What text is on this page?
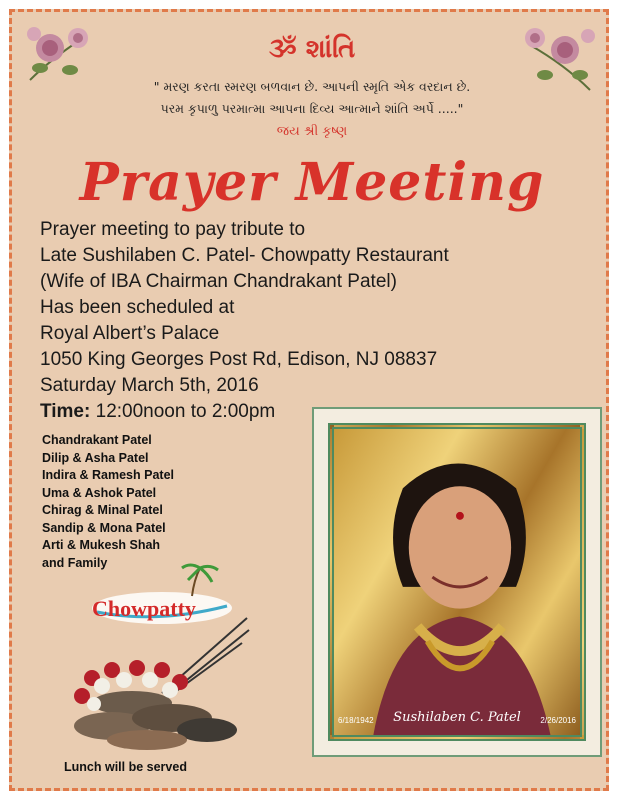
ૐ શાંતિ
" મરણ કરતા સ્મરણ બળવાન છે. આપની સ્મૃતિ એક વરદાન છે.
પરમ કૃપાળુ પરમાત્મા આપના દિવ્ય આત્માને શાંતિ અર્પે ....."
જય શ્રી કૃષ્ણ
Prayer Meeting
Prayer meeting to pay tribute to
Late Sushilaben C. Patel- Chowpatty Restaurant
(Wife of IBA Chairman Chandrakant Patel)
Has been scheduled at
Royal Albert’s Palace
1050 King Georges Post Rd, Edison, NJ 08837
Saturday March 5th, 2016
Time: 12:00noon to 2:00pm
Chandrakant Patel
Dilip & Asha Patel
Indira & Ramesh Patel
Uma & Ashok Patel
Chirag & Minal Patel
Sandip & Mona Patel
Arti & Mukesh Shah
and Family
Chowpatty
Lunch will be served
6/18/1942 Sushilaben C. Patel 2/26/2016
